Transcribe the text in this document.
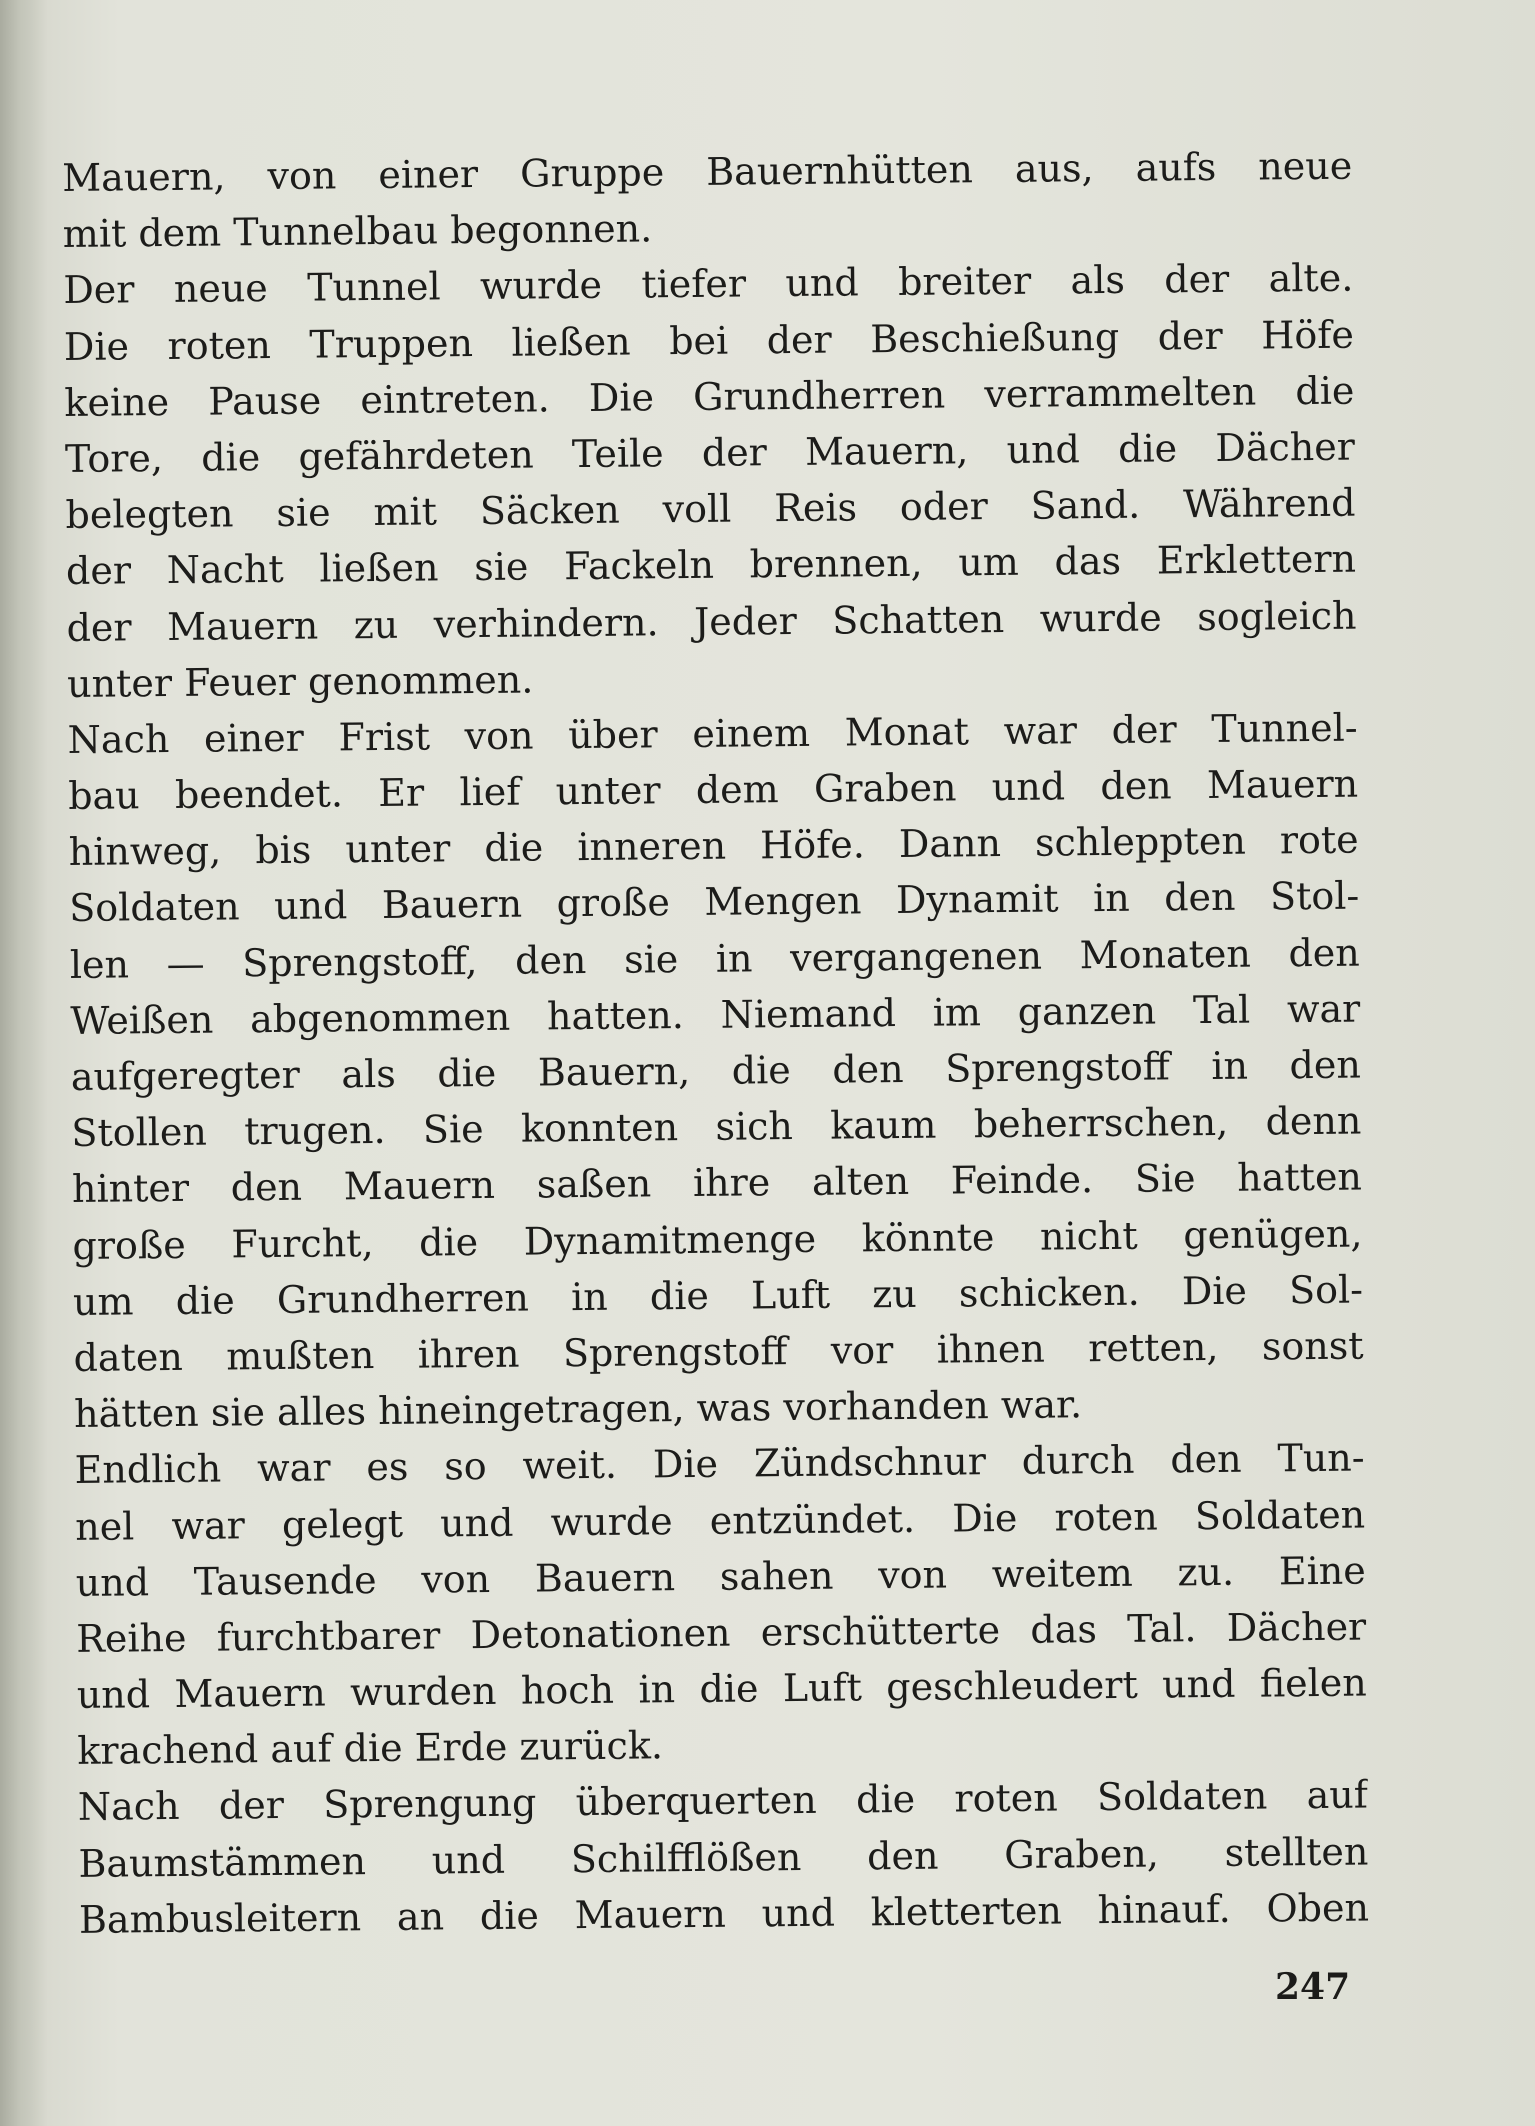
Mauern, von einer Gruppe Bauernhütten aus, aufs neue
mit dem Tunnelbau begonnen.
Der neue Tunnel wurde tiefer und breiter als der alte.
Die roten Truppen ließen bei der Beschießung der Höfe
keine Pause eintreten. Die Grundherren verrammelten die
Tore, die gefährdeten Teile der Mauern, und die Dächer
belegten sie mit Säcken voll Reis oder Sand. Während
der Nacht ließen sie Fackeln brennen, um das Erklettern
der Mauern zu verhindern. Jeder Schatten wurde sogleich
unter Feuer genommen.
Nach einer Frist von über einem Monat war der Tunnel-
bau beendet. Er lief unter dem Graben und den Mauern
hinweg, bis unter die inneren Höfe. Dann schleppten rote
Soldaten und Bauern große Mengen Dynamit in den Stol-
len — Sprengstoff, den sie in vergangenen Monaten den
Weißen abgenommen hatten. Niemand im ganzen Tal war
aufgeregter als die Bauern, die den Sprengstoff in den
Stollen trugen. Sie konnten sich kaum beherrschen, denn
hinter den Mauern saßen ihre alten Feinde. Sie hatten
große Furcht, die Dynamitmenge könnte nicht genügen,
um die Grundherren in die Luft zu schicken. Die Sol-
daten mußten ihren Sprengstoff vor ihnen retten, sonst
hätten sie alles hineingetragen, was vorhanden war.
Endlich war es so weit. Die Zündschnur durch den Tun-
nel war gelegt und wurde entzündet. Die roten Soldaten
und Tausende von Bauern sahen von weitem zu. Eine
Reihe furchtbarer Detonationen erschütterte das Tal. Dächer
und Mauern wurden hoch in die Luft geschleudert und fielen
krachend auf die Erde zurück.
Nach der Sprengung überquerten die roten Soldaten auf
Baumstämmen und Schilfflößen den Graben, stellten
Bambusleitern an die Mauern und kletterten hinauf. Oben
247
